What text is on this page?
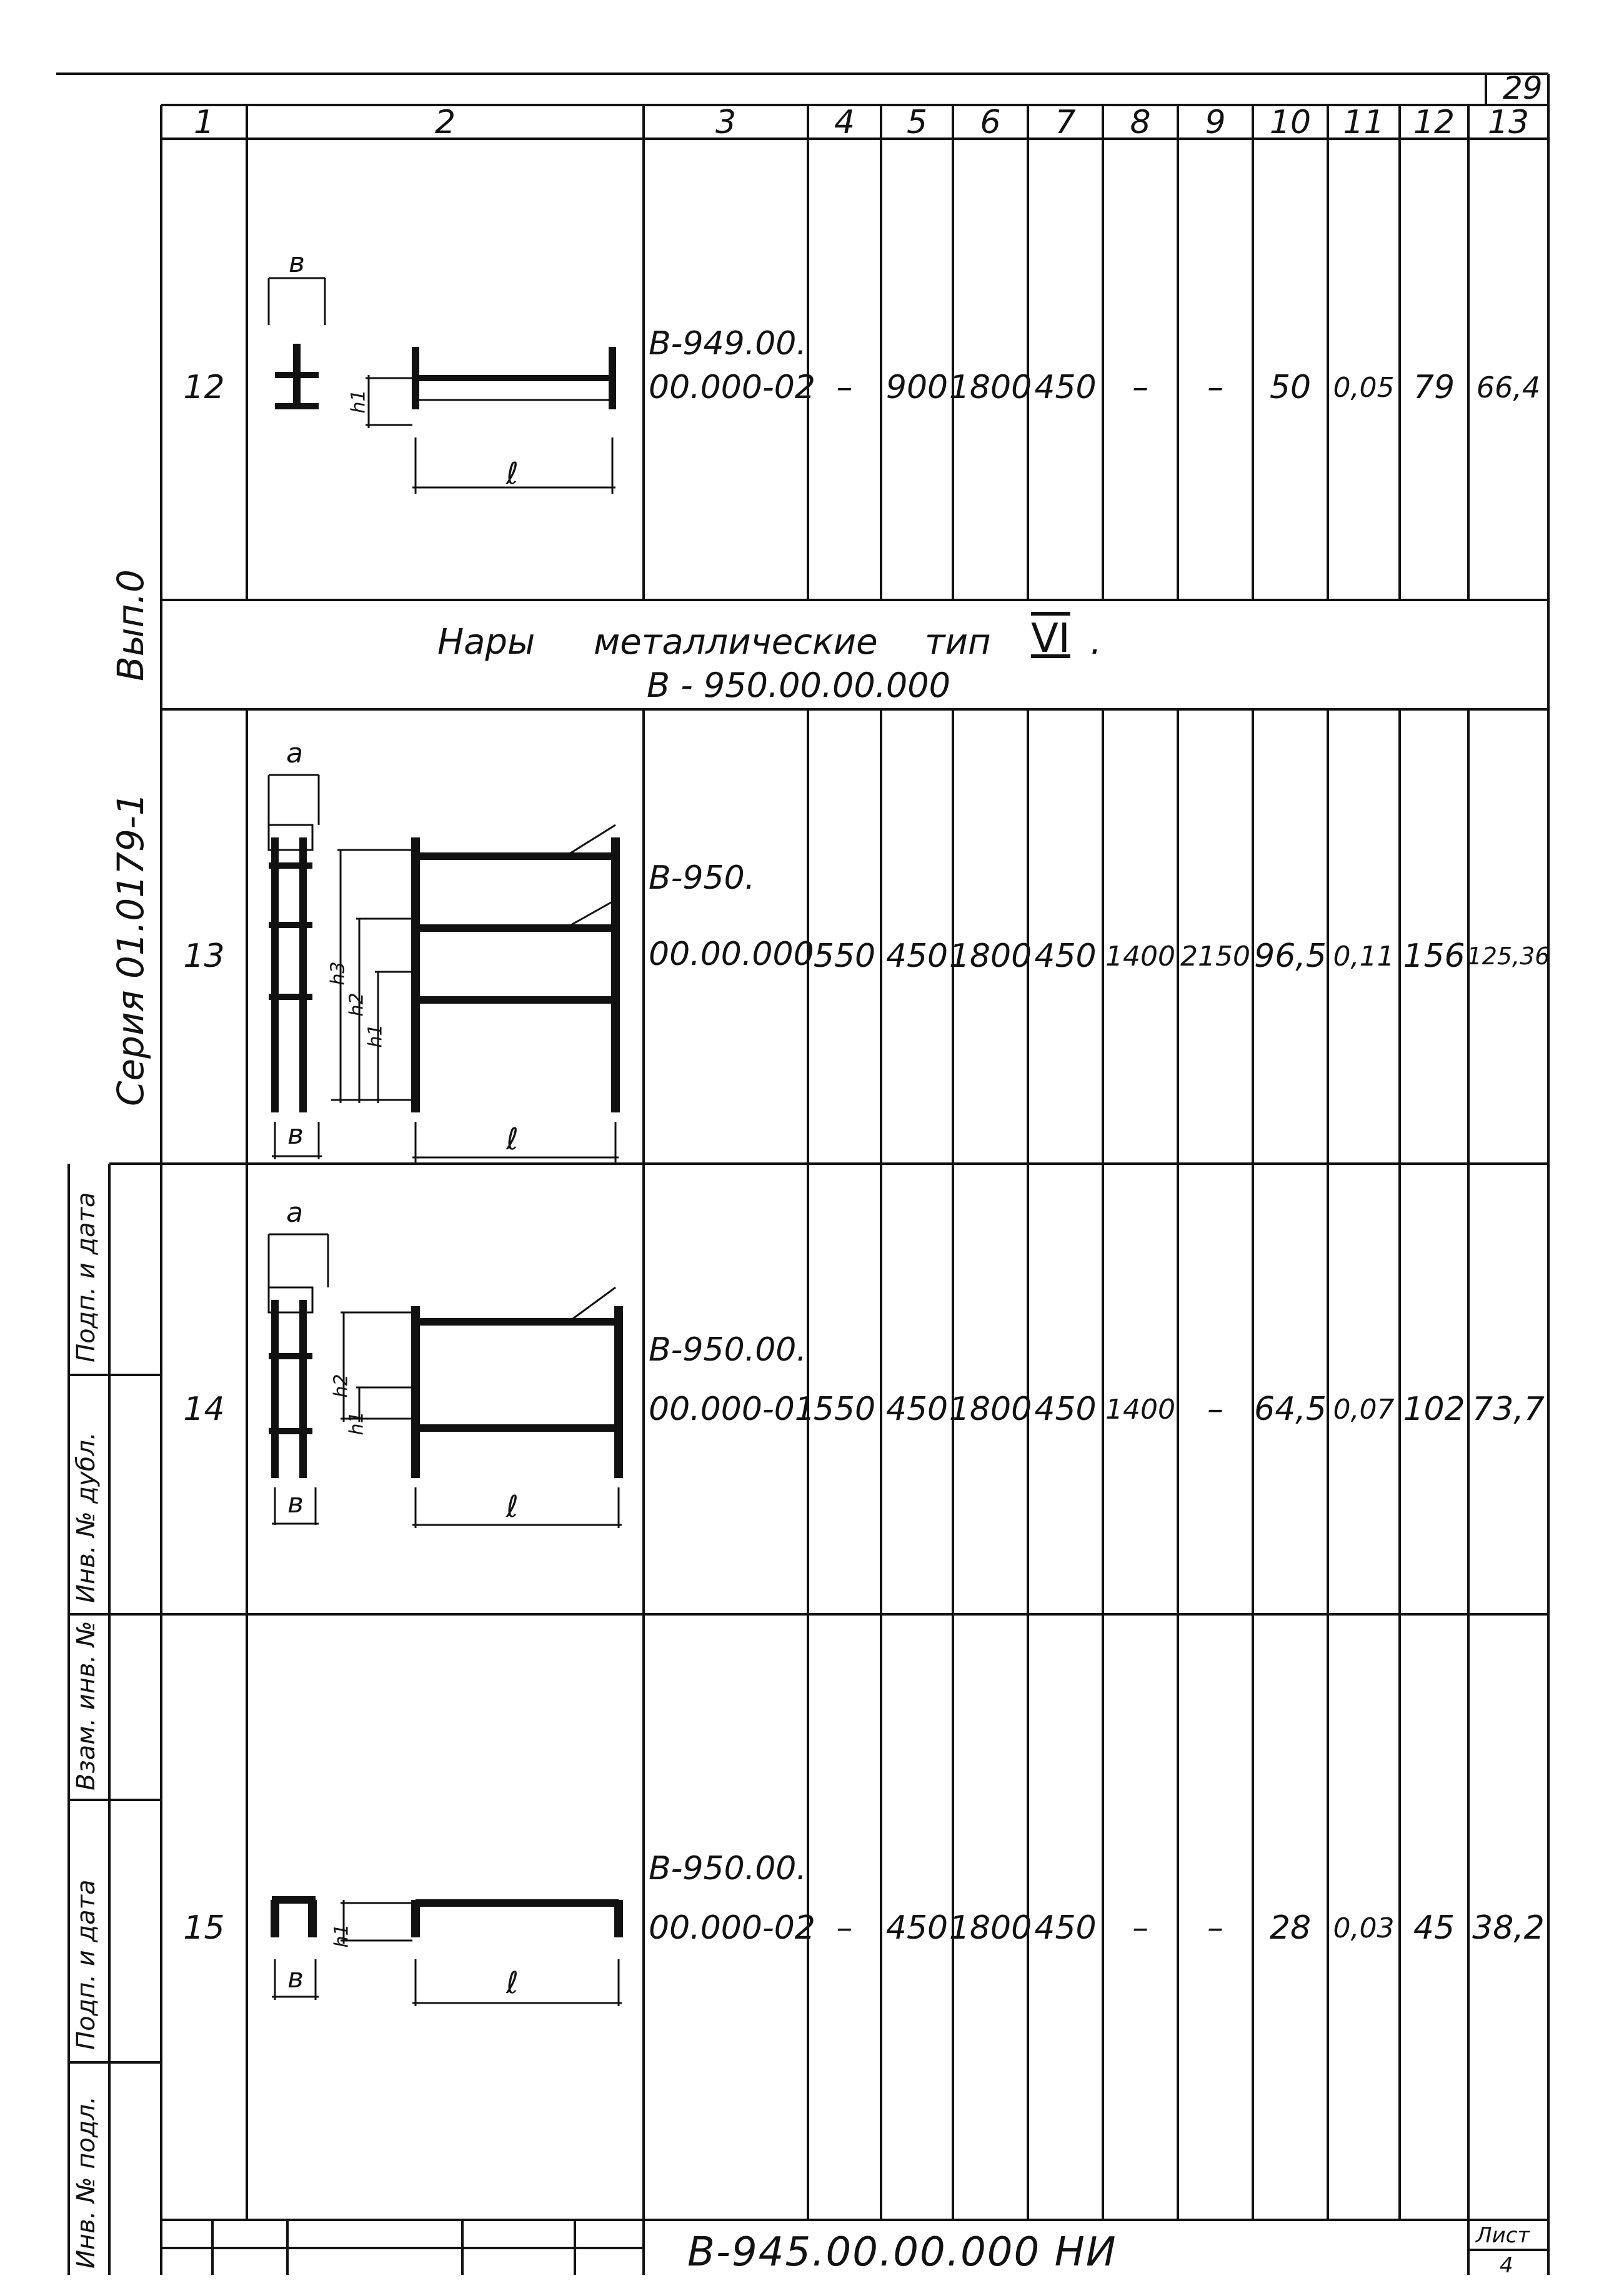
29
1	2	3	4	5	6	7	8	9	10 11 12	13
12
В-949.00.
00.000-02 –	900 1800 450	–	–	50 0,05 79 66,4
13
В-950.
00.00.000 550 450 1800 450 1400 2150 96,5 0,11 156 125,36
14
В-950.00.
00.000-01
550 450 1800 450 1400 – 64,5 0,07 102 73,7
15
В-950.00.
00.000-02 –	450 1800 450	–	–	28 0,03 45 38,2
Нары металлические тип VI .
В - 950.00.00.000
в
h1
ℓ
а
h3
h2
h1
в	ℓ
а
h2
h1
в	ℓ
h1
в	ℓ
Вып.0
Серия 01.0179-1
Подп. и дата
Инв. № дубл.
Взам. инв. №
Подп. и дата
Инв. № подл.	В-945.00.00.000 НИ	Лист
4
